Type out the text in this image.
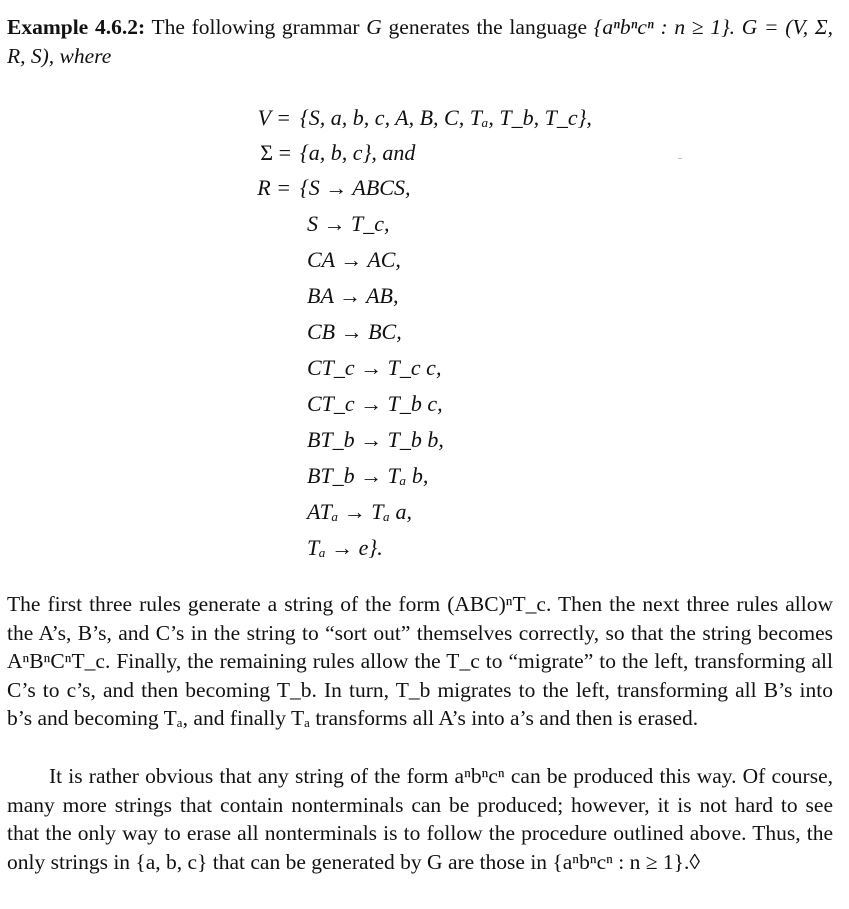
Example 4.6.2: The following grammar G generates the language {aⁿbⁿcⁿ : n ≥ 1}. G = (V, Σ, R, S), where

V = {S, a, b, c, A, B, C, Tₐ, T_b, T_c},
Σ = {a, b, c}, and
R = {S → ABCS,
S → T_c,
CA → AC,
BA → AB,
CB → BC,
CT_c → T_c c,
CT_c → T_b c,
BT_b → T_b b,
BT_b → Tₐ b,
ATₐ → Tₐ a,
Tₐ → e}.

The first three rules generate a string of the form (ABC)ⁿT_c. Then the next three rules allow the A’s, B’s, and C’s in the string to “sort out” themselves correctly, so that the string becomes AⁿBⁿCⁿT_c. Finally, the remaining rules allow the T_c to “migrate” to the left, transforming all C’s to c’s, and then becoming T_b. In turn, T_b migrates to the left, transforming all B’s into b’s and becoming Tₐ, and finally Tₐ transforms all A’s into a’s and then is erased.

It is rather obvious that any string of the form aⁿbⁿcⁿ can be produced this way. Of course, many more strings that contain nonterminals can be produced; however, it is not hard to see that the only way to erase all nonterminals is to follow the procedure outlined above. Thus, the only strings in {a, b, c} that can be generated by G are those in {aⁿbⁿcⁿ : n ≥ 1}.◊
